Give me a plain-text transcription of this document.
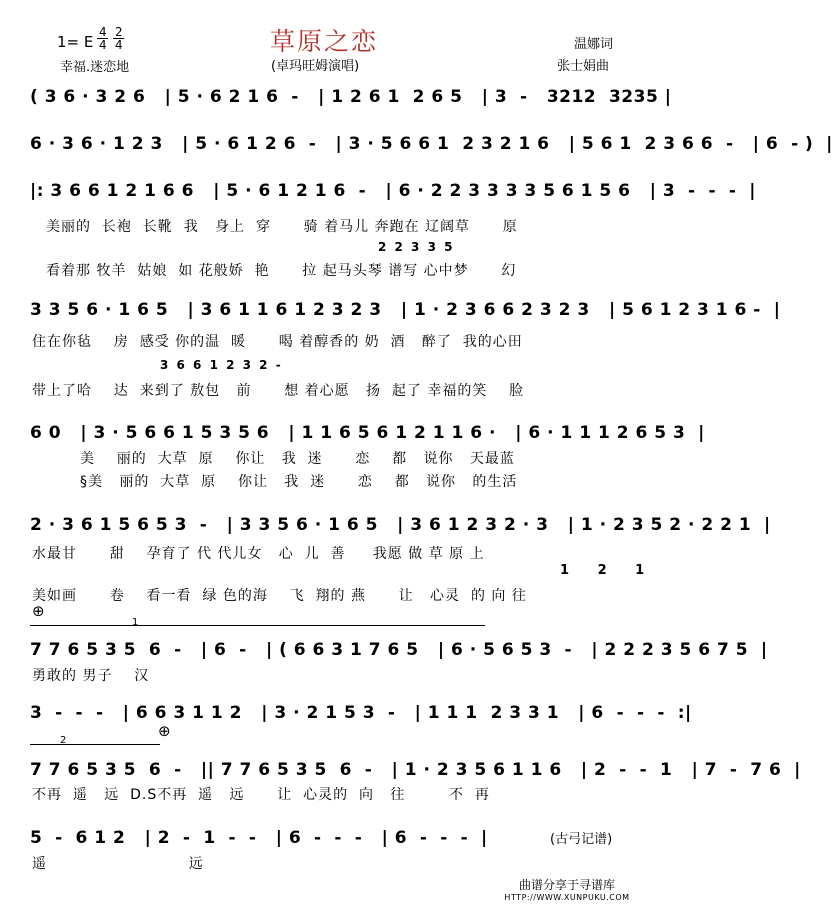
1= E
4
4
2
4	草原之恋	温娜词
幸福.迷恋地	(卓玛旺姆演唱)	张士娟曲
( 3 6 · 3 2 6   | 5 · 6 2 1 6  -   | 1 2 6 1  2 6 5   | 3  -   3212  3235 |
6 · 3 6 · 1 2 3   | 5 · 6 1 2 6  -   | 3 · 5 6 6 1  2 3 2 1 6   | 5 6 1  2 3 6 6  -   | 6  - )  |
|: 3 6 6 1 2 1 6 6   | 5 · 6 1 2 1 6  -   | 6 · 2 2 3 3 3 3 5 6 1 5 6   | 3  -  -  -  |
美丽的  长袍  长靴  我   身上  穿      骑 着马儿 奔跑在 辽阔草      原
2 2 3 3 5
看着那 牧羊  姑娘  如 花般娇  艳      拉 起马头琴 谱写 心中梦      幻
3 3 5 6 · 1 6 5   | 3 6 1 1 6 1 2 3 2 3   | 1 · 2 3 6 6 2 3 2 3   | 5 6 1 2 3 1 6 -  |
住在你毡    房  感受 你的温  暖      喝 着醇香的 奶  酒   醉了  我的心田
3 6 6 1 2 3 2 -
带上了哈    达  来到了 敖包   前      想 着心愿   扬  起了 幸福的笑    脸
6 0   | 3 · 5 6 6 1 5 3 5 6   | 1 1 6 5 6 1 2 1 1 6 ·   | 6 · 1 1 1 2 6 5 3  |
美    丽的  大草  原    你让   我  迷      恋    都   说你   天最蓝
§美   丽的  大草  原    你让   我  迷      恋    都   说你   的生活
2 · 3 6 1 5 6 5 3  -   | 3 3 5 6 · 1 6 5   | 3 6 1 2 3 2 · 3   | 1 · 2 3 5 2 · 2 2 1  |
水最甘      甜    孕育了 代 代儿女   心  儿  善     我愿 做 草 原 上
1 2 1
美如画      卷    看一看  绿 色的海    飞  翔的 燕      让   心灵  的 向 往
⊕
1
7 7 6 5 3 5  6  -   | 6  -   | ( 6 6 3 1 7 6 5   | 6 · 5 6 5 3  -   | 2 2 2 3 5 6 7 5  |
勇敢的 男子    汉
3  -  -  -   | 6 6 3 1 1 2   | 3 · 2 1 5 3  -   | 1 1 1  2 3 3 1   | 6  -  -  -  :|
⊕
2
7 7 6 5 3 5  6  -   || 7 7 6 5 3 5  6  -   | 1 · 2 3 5 6 1 1 6   | 2  -  -  1   | 7  -  7 6  |
不再  遥   远  D.S不再  遥   远      让  心灵的  向   往        不  再
5  -  6 1 2   | 2  -  1  -  -   | 6  -  -  -   | 6  -  -  -  |
遥                          远
(古弓记谱)
曲谱分享于寻谱库
HTTP://WWW.XUNPUKU.COM
